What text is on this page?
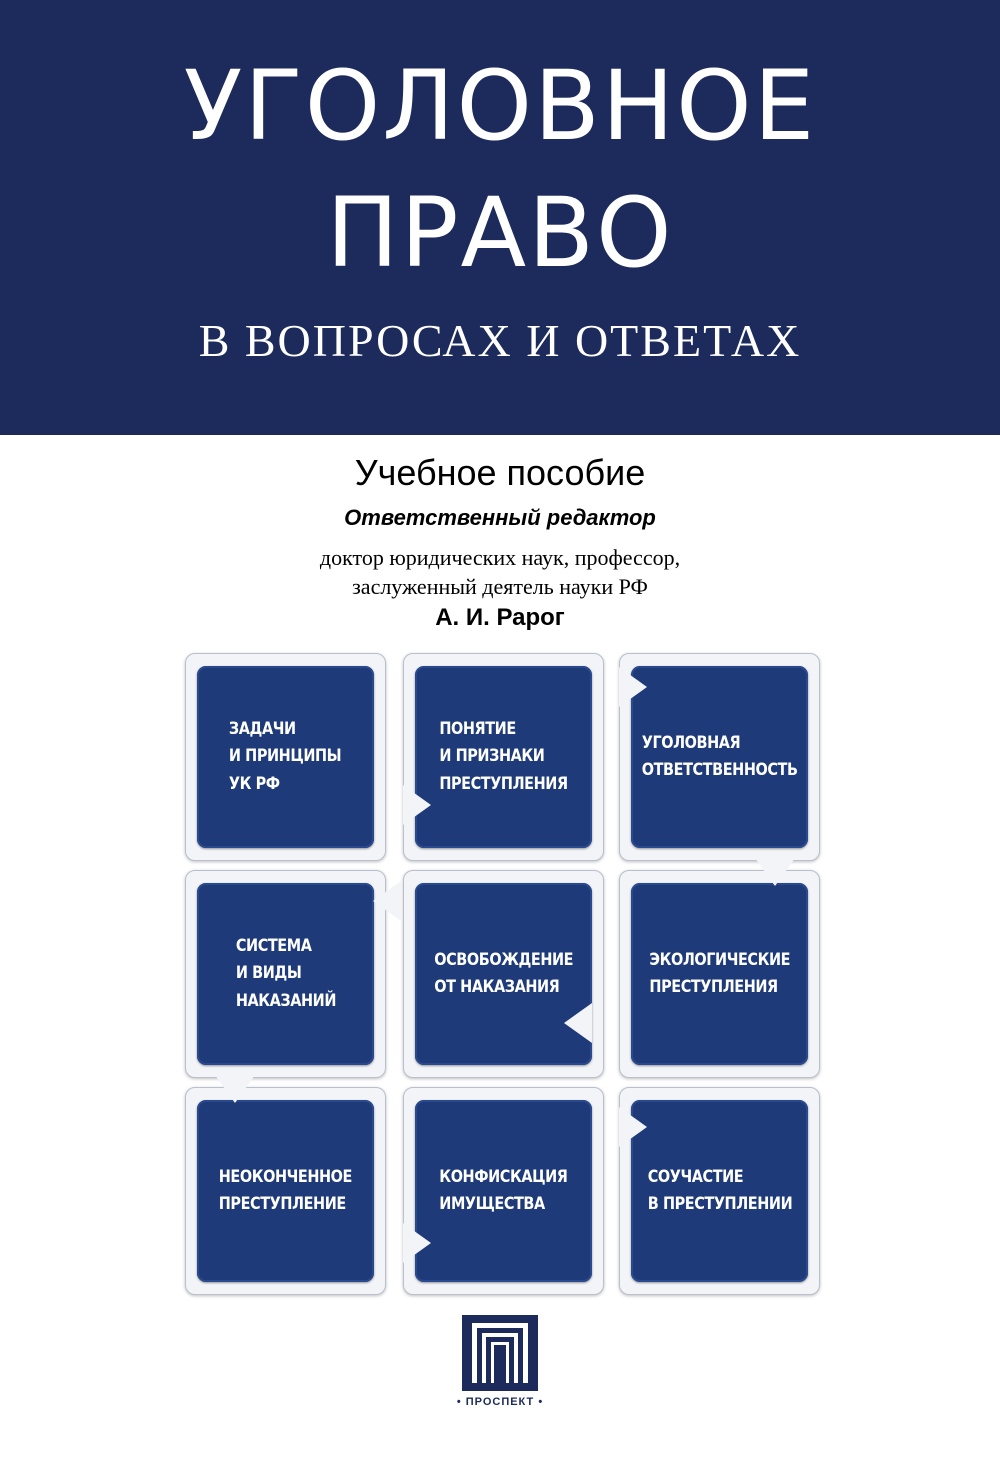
УГОЛОВНОЕ
ПРАВО
В ВОПРОСАХ И ОТВЕТАХ
Учебное пособие
Ответственный редактор
доктор юридических наук, профессор,
заслуженный деятель науки РФ
А. И. Рарог
ЗАДАЧИ
И ПРИНЦИПЫ
УК РФ
ПОНЯТИЕ
И ПРИЗНАКИ
ПРЕСТУПЛЕНИЯ
УГОЛОВНАЯ
ОТВЕТСТВЕННОСТЬ
СИСТЕМА
И ВИДЫ
НАКАЗАНИЙ
ОСВОБОЖДЕНИЕ
ОТ НАКАЗАНИЯ
ЭКОЛОГИЧЕСКИЕ
ПРЕСТУПЛЕНИЯ
НЕОКОНЧЕННОЕ
ПРЕСТУПЛЕНИЕ
КОНФИСКАЦИЯ
ИМУЩЕСТВА
СОУЧАСТИЕ
В ПРЕСТУПЛЕНИИ
• ПРОСПЕКТ •
